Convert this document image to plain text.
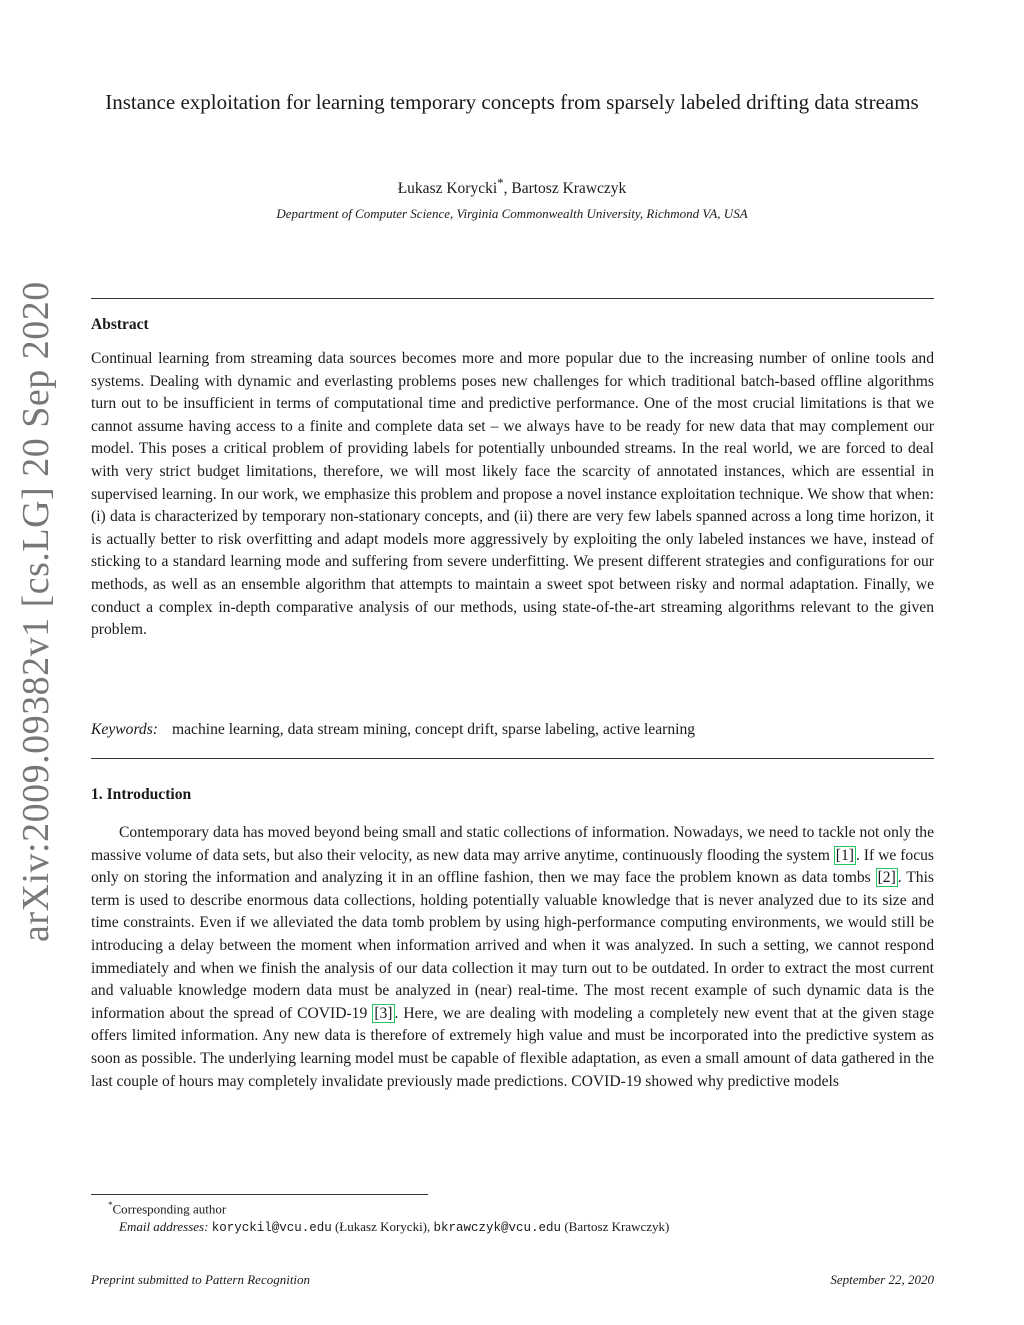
arXiv:2009.09382v1 [cs.LG] 20 Sep 2020
Instance exploitation for learning temporary concepts from sparsely labeled drifting data streams
Łukasz Korycki*, Bartosz Krawczyk
Department of Computer Science, Virginia Commonwealth University, Richmond VA, USA
Abstract
Continual learning from streaming data sources becomes more and more popular due to the increasing number of online tools and systems. Dealing with dynamic and everlasting problems poses new challenges for which traditional batch-based offline algorithms turn out to be insufficient in terms of computational time and predictive performance. One of the most crucial limitations is that we cannot assume having access to a finite and complete data set – we always have to be ready for new data that may complement our model. This poses a critical problem of providing labels for potentially unbounded streams. In the real world, we are forced to deal with very strict budget limitations, therefore, we will most likely face the scarcity of annotated instances, which are essential in supervised learning. In our work, we emphasize this problem and propose a novel instance exploitation technique. We show that when: (i) data is characterized by temporary non-stationary concepts, and (ii) there are very few labels spanned across a long time horizon, it is actually better to risk overfitting and adapt models more aggressively by exploiting the only labeled instances we have, instead of sticking to a standard learning mode and suffering from severe underfitting. We present different strategies and configurations for our methods, as well as an ensemble algorithm that attempts to maintain a sweet spot between risky and normal adaptation. Finally, we conduct a complex in-depth comparative analysis of our methods, using state-of-the-art streaming algorithms relevant to the given problem.
Keywords: machine learning, data stream mining, concept drift, sparse labeling, active learning
1. Introduction
Contemporary data has moved beyond being small and static collections of information. Nowadays, we need to tackle not only the massive volume of data sets, but also their velocity, as new data may arrive anytime, continuously flooding the system [1] . If we focus only on storing the information and analyzing it in an offline fashion, then we may face the problem known as data tombs [2] . This term is used to describe enormous data collections, holding potentially valuable knowledge that is never analyzed due to its size and time constraints. Even if we alleviated the data tomb problem by using high-performance computing environments, we would still be introducing a delay between the moment when information arrived and when it was analyzed. In such a setting, we cannot respond immediately and when we finish the analysis of our data collection it may turn out to be outdated. In order to extract the most current and valuable knowledge modern data must be analyzed in (near) real-time. The most recent example of such dynamic data is the information about the spread of COVID-19 [3] . Here, we are dealing with modeling a completely new event that at the given stage offers limited information. Any new data is therefore of extremely high value and must be incorporated into the predictive system as soon as possible. The underlying learning model must be capable of flexible adaptation, as even a small amount of data gathered in the last couple of hours may completely invalidate previously made predictions. COVID-19 showed why predictive models
*Corresponding author
Email addresses: koryckil@vcu.edu (Łukasz Korycki), bkrawczyk@vcu.edu (Bartosz Krawczyk)
Preprint submitted to Pattern Recognition	September 22, 2020
